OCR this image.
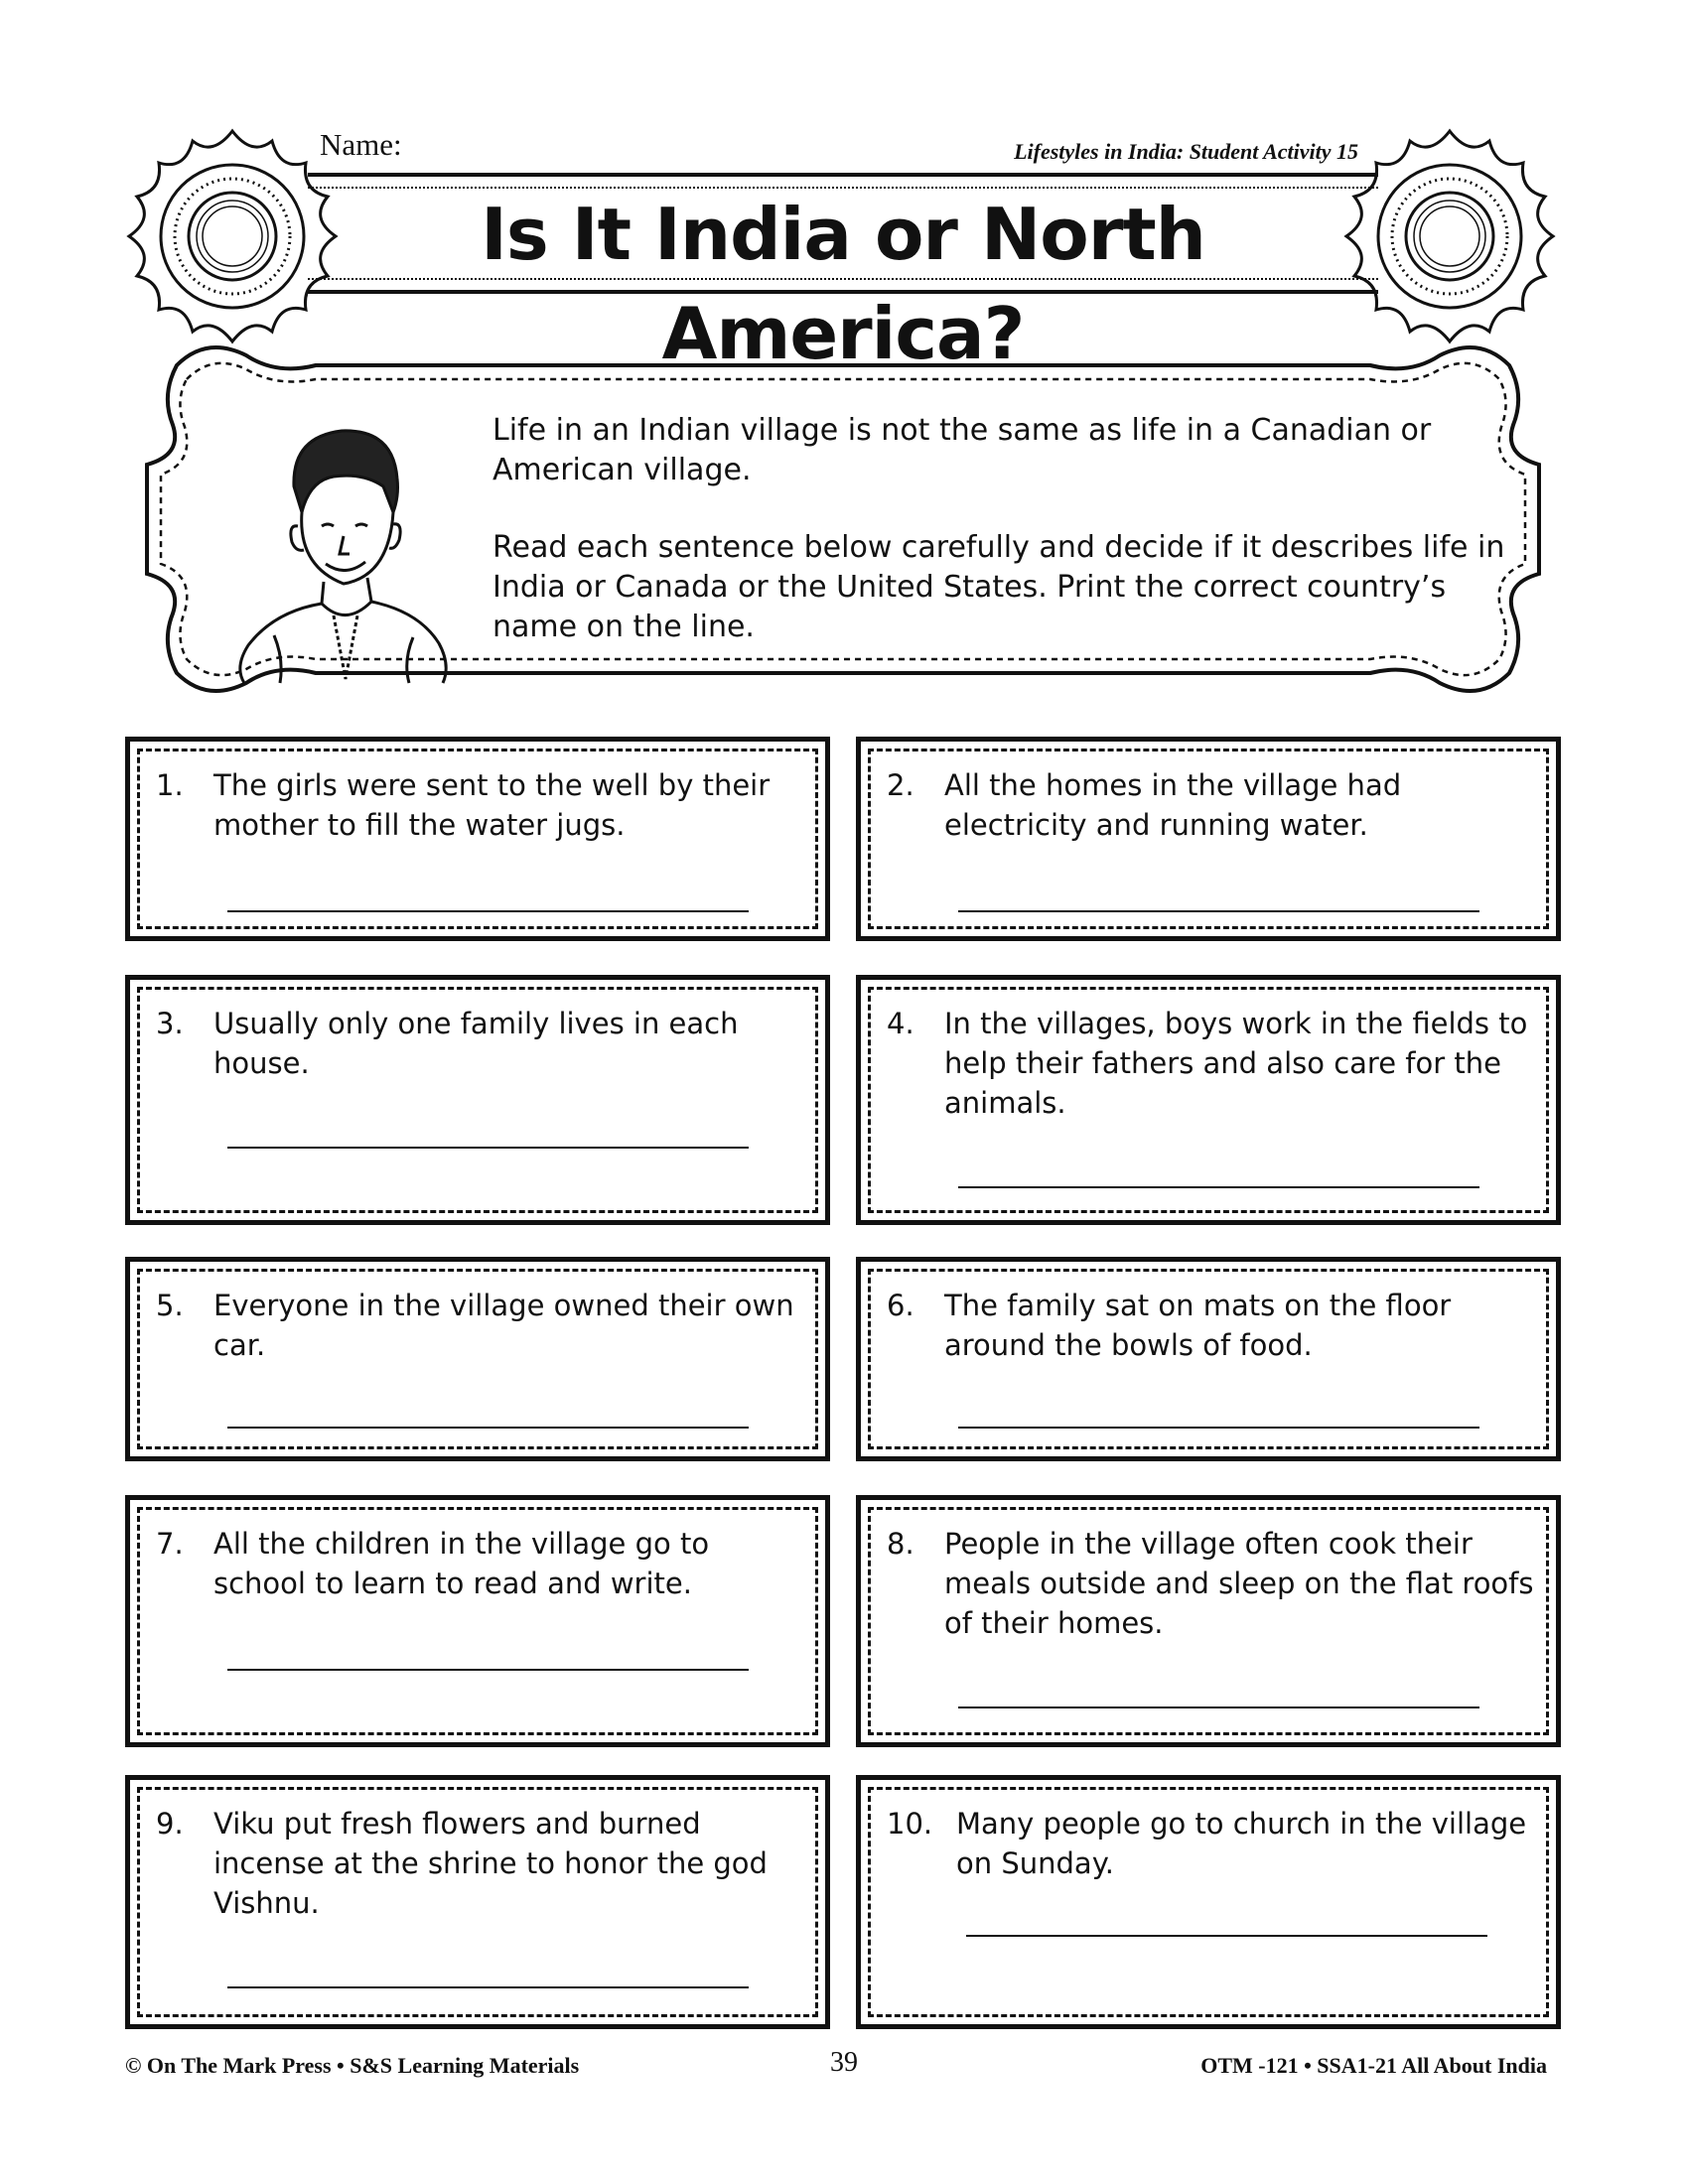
Name:	Lifestyles in India: Student Activity 15
Is It India or North America?

Life in an Indian village is not the same as life in a Canadian or American village.

Read each sentence below carefully and decide if it describes life in India or Canada or the United States. Print the correct country’s name on the line.

1. The girls were sent to the well by their mother to fill the water jugs.
2. All the homes in the village had electricity and running water.
3. Usually only one family lives in each house.
4. In the villages, boys work in the fields to help their fathers and also care for the animals.
5. Everyone in the village owned their own car.
6. The family sat on mats on the floor around the bowls of food.
7. All the children in the village go to school to learn to read and write.
8. People in the village often cook their meals outside and sleep on the flat roofs of their homes.
9. Viku put fresh flowers and burned incense at the shrine to honor the god Vishnu.
10. Many people go to church in the village on Sunday.
© On The Mark Press • S&S Learning Materials	39	OTM -121 • SSA1-21 All About India
